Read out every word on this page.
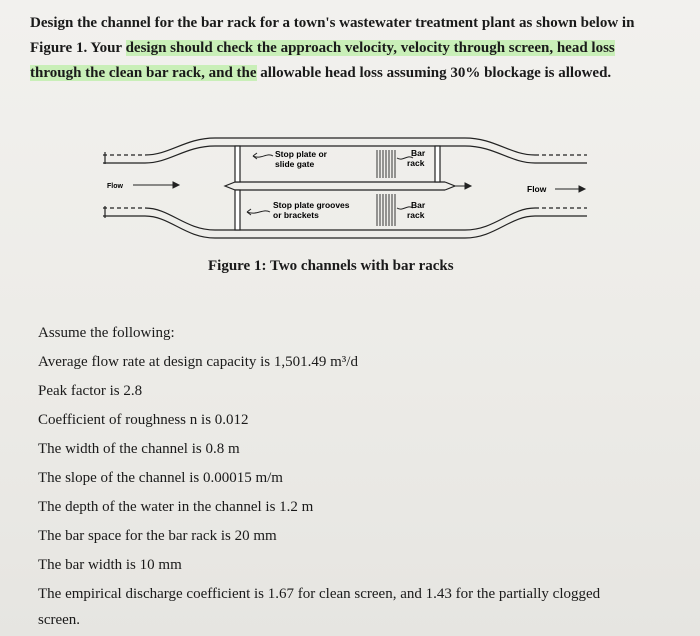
Design the channel for the bar rack for a town's wastewater treatment plant as shown below in
Figure 1. Your design should check the approach velocity, velocity through screen, head loss
through the clean bar rack, and the allowable head loss assuming 30% blockage is allowed.
Stop plate or slide gate
Bar rack
Stop plate grooves or brackets
Bar rack
Flow	Flow
Figure 1: Two channels with bar racks
Assume the following:
Average flow rate at design capacity is 1,501.49 m³/d
Peak factor is 2.8
Coefficient of roughness n is 0.012
The width of the channel is 0.8 m
The slope of the channel is 0.00015 m/m
The depth of the water in the channel is 1.2 m
The bar space for the bar rack is 20 mm
The bar width is 10 mm
The empirical discharge coefficient is 1.67 for clean screen, and 1.43 for the partially clogged
screen.
